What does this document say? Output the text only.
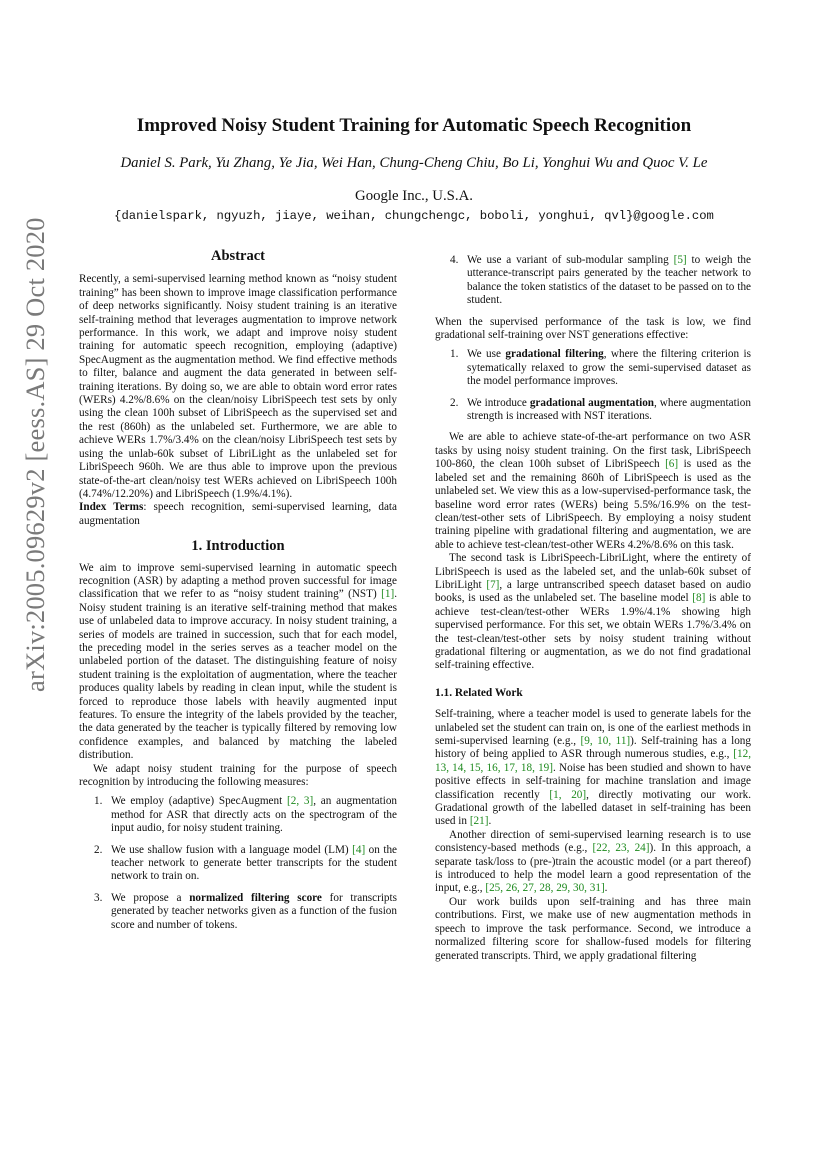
arXiv:2005.09629v2 [eess.AS] 29 Oct 2020
Improved Noisy Student Training for Automatic Speech Recognition
Daniel S. Park, Yu Zhang, Ye Jia, Wei Han, Chung-Cheng Chiu, Bo Li, Yonghui Wu and Quoc V. Le
Google Inc., U.S.A.
{danielspark, ngyuzh, jiaye, weihan, chungchengc, boboli, yonghui, qvl}@google.com
Abstract

Recently, a semi-supervised learning method known as “noisy student training” has been shown to improve image classification performance of deep networks significantly. Noisy student training is an iterative self-training method that leverages augmentation to improve network performance. In this work, we adapt and improve noisy student training for automatic speech recognition, employing (adaptive) SpecAugment as the augmentation method. We find effective methods to filter, balance and augment the data generated in between self-training iterations. By doing so, we are able to obtain word error rates (WERs) 4.2%/8.6% on the clean/noisy LibriSpeech test sets by only using the clean 100h subset of LibriSpeech as the supervised set and the rest (860h) as the unlabeled set. Furthermore, we are able to achieve WERs 1.7%/3.4% on the clean/noisy LibriSpeech test sets by using the unlab-60k subset of LibriLight as the unlabeled set for LibriSpeech 960h. We are thus able to improve upon the previous state-of-the-art clean/noisy test WERs achieved on LibriSpeech 100h (4.74%/12.20%) and LibriSpeech (1.9%/4.1%).

Index Terms: speech recognition, semi-supervised learning, data augmentation

1. Introduction

We aim to improve semi-supervised learning in automatic speech recognition (ASR) by adapting a method proven successful for image classification that we refer to as “noisy student training” (NST) [1]. Noisy student training is an iterative self-training method that makes use of unlabeled data to improve accuracy. In noisy student training, a series of models are trained in succession, such that for each model, the preceding model in the series serves as a teacher model on the unlabeled portion of the dataset. The distinguishing feature of noisy student training is the exploitation of augmentation, where the teacher produces quality labels by reading in clean input, while the student is forced to reproduce those labels with heavily augmented input features. To ensure the integrity of the labels provided by the teacher, the data generated by the teacher is typically filtered by removing low confidence examples, and balanced by matching the labeled distribution.

We adapt noisy student training for the purpose of speech recognition by introducing the following measures:

1. We employ (adaptive) SpecAugment [2, 3], an augmentation method for ASR that directly acts on the spectrogram of the input audio, for noisy student training.
2. We use shallow fusion with a language model (LM) [4] on the teacher network to generate better transcripts for the student network to train on.
3. We propose a normalized filtering score for transcripts generated by teacher networks given as a function of the fusion score and number of tokens.
4. We use a variant of sub-modular sampling [5] to weigh the utterance-transcript pairs generated by the teacher network to balance the token statistics of the dataset to be passed on to the student.

When the supervised performance of the task is low, we find gradational self-training over NST generations effective:

1. We use gradational filtering, where the filtering criterion is sytematically relaxed to grow the semi-supervised dataset as the model performance improves.
2. We introduce gradational augmentation, where augmentation strength is increased with NST iterations.

We are able to achieve state-of-the-art performance on two ASR tasks by using noisy student training. On the first task, LibriSpeech 100-860, the clean 100h subset of LibriSpeech [6] is used as the labeled set and the remaining 860h of LibriSpeech is used as the unlabeled set. We view this as a low-supervised-performance task, the baseline word error rates (WERs) being 5.5%/16.9% on the test-clean/test-other sets of LibriSpeech. By employing a noisy student training pipeline with gradational filtering and augmentation, we are able to achieve test-clean/test-other WERs 4.2%/8.6% on this task.

The second task is LibriSpeech-LibriLight, where the entirety of LibriSpeech is used as the labeled set, and the unlab-60k subset of LibriLight [7], a large untranscribed speech dataset based on audio books, is used as the unlabeled set. The baseline model [8] is able to achieve test-clean/test-other WERs 1.9%/4.1% showing high supervised performance. For this set, we obtain WERs 1.7%/3.4% on the test-clean/test-other sets by noisy student training without gradational filtering or augmentation, as we do not find gradational self-training effective.

1.1. Related Work

Self-training, where a teacher model is used to generate labels for the unlabeled set the student can train on, is one of the earliest methods in semi-supervised learning (e.g., [9, 10, 11]). Self-training has a long history of being applied to ASR through numerous studies, e.g., [12, 13, 14, 15, 16, 17, 18, 19]. Noise has been studied and shown to have positive effects in self-training for machine translation and image classification recently [1, 20], directly motivating our work. Gradational growth of the labelled dataset in self-training has been used in [21].

Another direction of semi-supervised learning research is to use consistency-based methods (e.g., [22, 23, 24]). In this approach, a separate task/loss to (pre-)train the acoustic model (or a part thereof) is introduced to help the model learn a good representation of the input, e.g., [25, 26, 27, 28, 29, 30, 31].

Our work builds upon self-training and has three main contributions. First, we make use of new augmentation methods in speech to improve the task performance. Second, we introduce a normalized filtering score for shallow-fused models for filtering generated transcripts. Third, we apply gradational filtering
